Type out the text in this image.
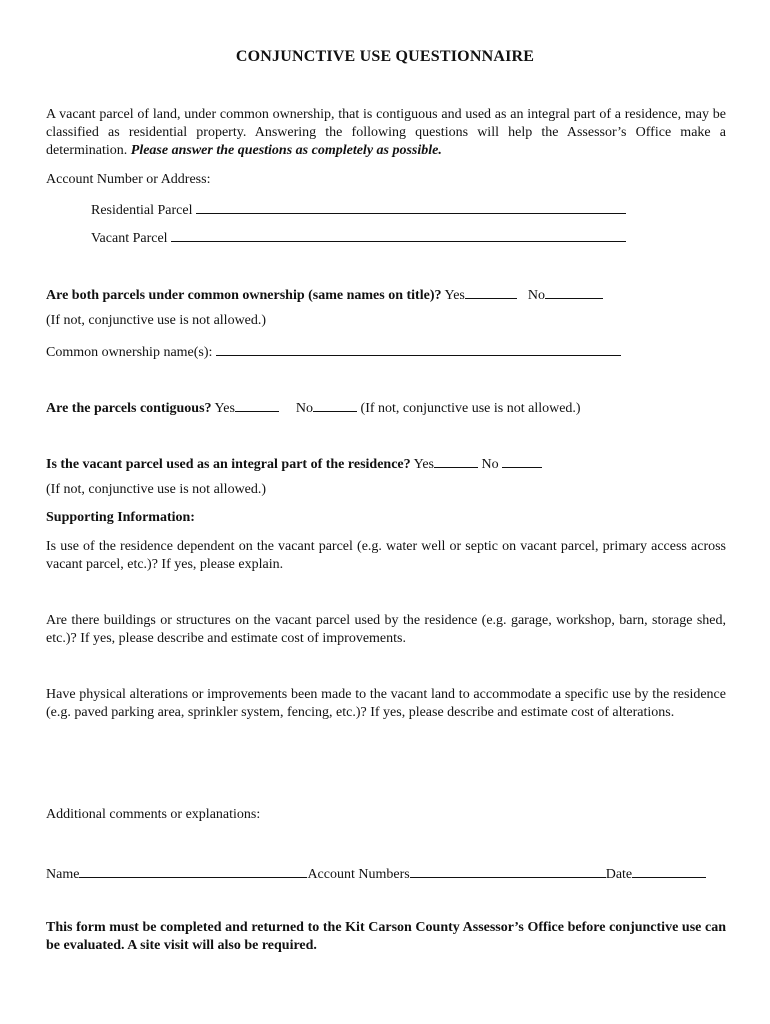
CONJUNCTIVE USE QUESTIONNAIRE
A vacant parcel of land, under common ownership, that is contiguous and used as an integral part of a residence, may be classified as residential property. Answering the following questions will help the Assessor’s Office make a determination. Please answer the questions as completely as possible.
Account Number or Address:
Residential Parcel
Vacant Parcel
Are both parcels under common ownership (same names on title)? Yes	No
(If not, conjunctive use is not allowed.)
Common ownership name(s):
Are the parcels contiguous? Yes	No	(If not, conjunctive use is not allowed.)
Is the vacant parcel used as an integral part of the residence? Yes	No
(If not, conjunctive use is not allowed.)
Supporting Information:
Is use of the residence dependent on the vacant parcel (e.g. water well or septic on vacant parcel, primary access across vacant parcel, etc.)? If yes, please explain.
Are there buildings or structures on the vacant parcel used by the residence (e.g. garage, workshop, barn, storage shed, etc.)? If yes, please describe and estimate cost of improvements.
Have physical alterations or improvements been made to the vacant land to accommodate a specific use by the residence (e.g. paved parking area, sprinkler system, fencing, etc.)? If yes, please describe and estimate cost of alterations.
Additional comments or explanations:
Name	Account Numbers	Date
This form must be completed and returned to the Kit Carson County Assessor’s Office before conjunctive use can be evaluated. A site visit will also be required.
